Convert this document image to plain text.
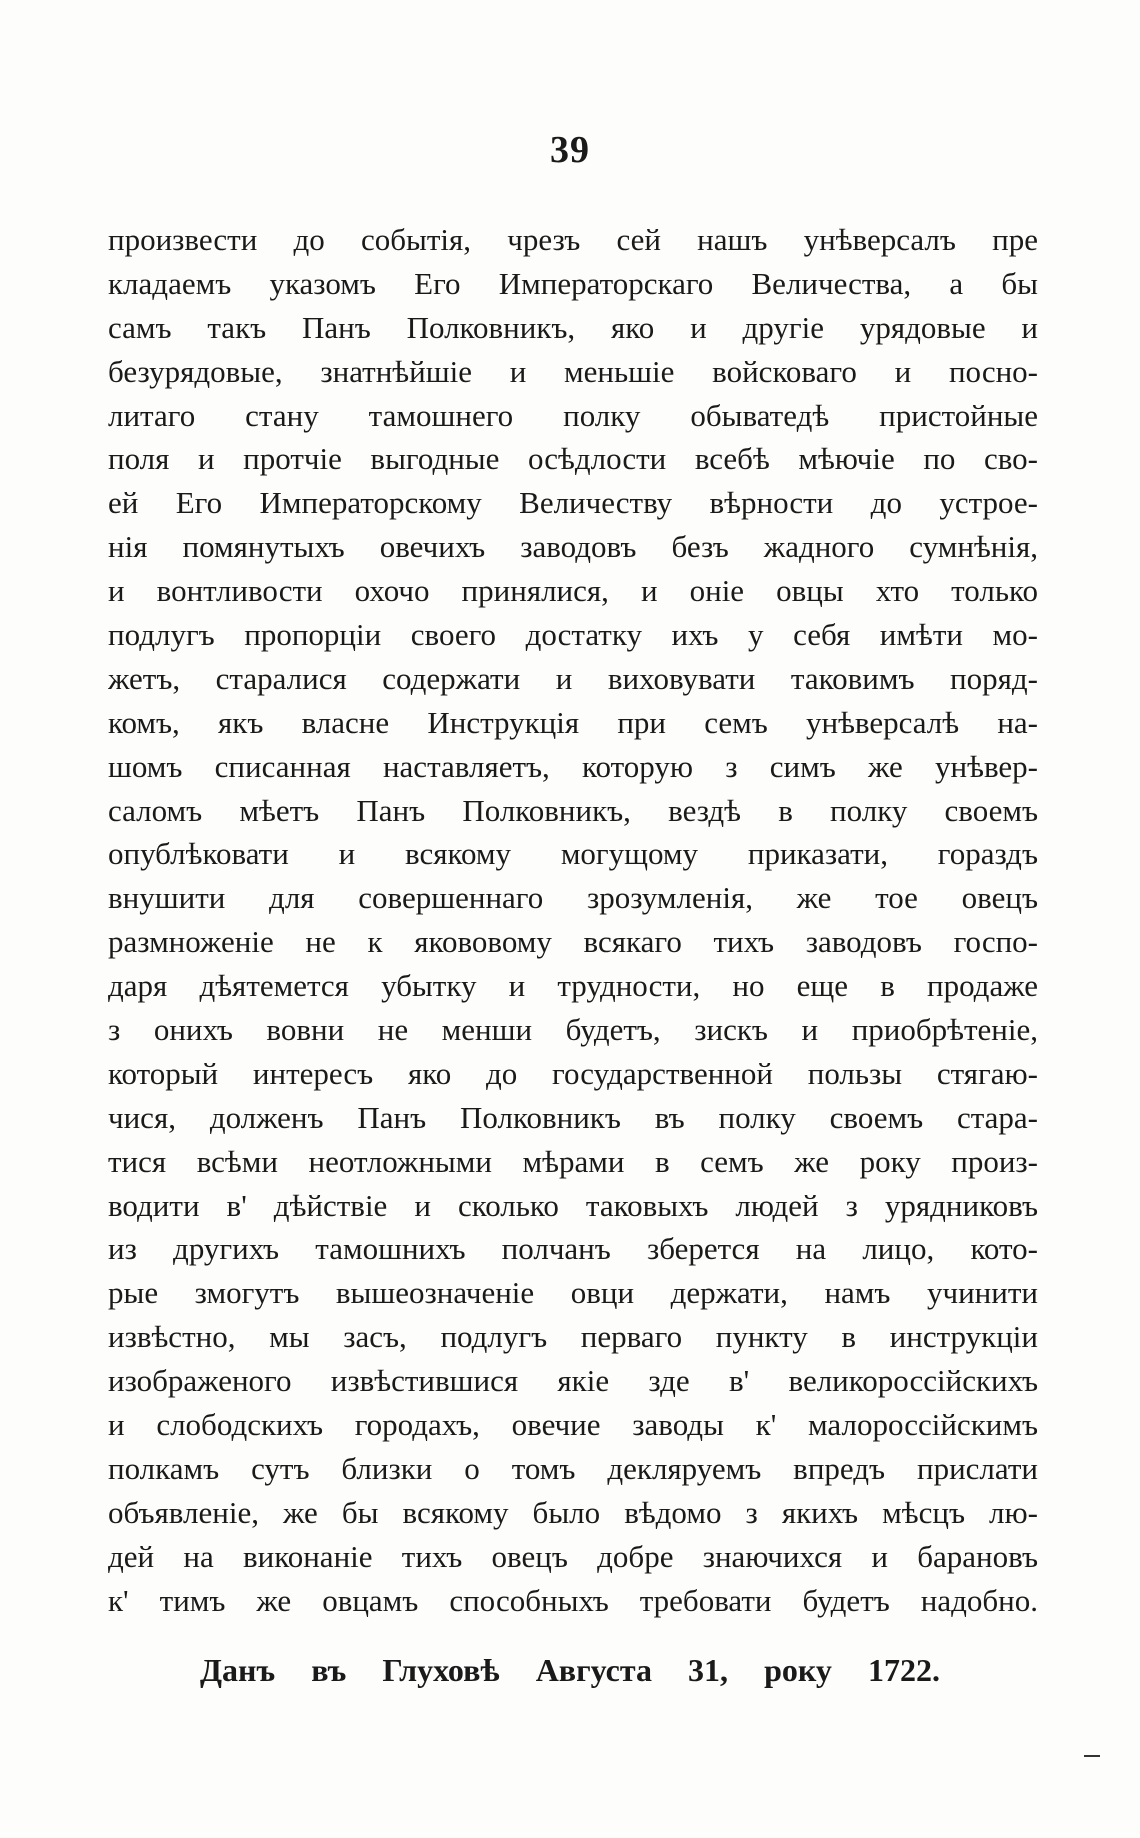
39
произвести до событія, чрезъ сей нашъ унѣверсалъ пре
кладаемъ указомъ Его Императорскаго Величества, а бы
самъ такъ Панъ Полковникъ, яко и другіе урядовые и
безурядовые, знатнѣйшіе и меньшіе войсковаго и посно-
литаго стану тамошнего полку обыватедѣ пристойные
поля и протчіе выгодные осѣдлости всебѣ мѣючіе по сво-
ей Его Императорскому Величеству вѣрности до устрое-
нія помянутыхъ овечихъ заводовъ безъ жадного сумнѣнія,
и вонтливости охочо принялися, и оніе овцы хто только
подлугъ пропорціи своего достатку ихъ у себя имѣти мо-
жетъ, старалися содержати и виховувати таковимъ поряд-
комъ, якъ власне Инструкція при семъ унѣверсалѣ на-
шомъ списанная наставляетъ, которую з симъ же унѣвер-
саломъ мѣетъ Панъ Полковникъ, вездѣ в полку своемъ
опублѣковати и всякому могущому приказати, гораздъ
внушити для совершеннаго зрозумленія, же тое овецъ
размноженіе не к якововому всякаго тихъ заводовъ госпо-
даря дѣятемется убытку и трудности, но еще в продаже
з онихъ вовни не менши будетъ, зискъ и приобрѣтеніе,
который интересъ яко до государственной пользы стягаю-
чися, долженъ Панъ Полковникъ въ полку своемъ стара-
тися всѣми неотложными мѣрами в семъ же року произ-
водити в' дѣйствіе и сколько таковыхъ людей з урядниковъ
из другихъ тамошнихъ полчанъ зберется на лицо, кото-
рые змогутъ вышеозначеніе овци держати, намъ учинити
извѣстно, мы засъ, подлугъ перваго пункту в инструкціи
изображеного извѣстившися якіе зде в' великороссійскихъ
и слободскихъ городахъ, овечие заводы к' малороссійскимъ
полкамъ сутъ близки о томъ декляруемъ впредъ прислати
объявленіе, же бы всякому было вѣдомо з якихъ мѣсцъ лю-
дей на виконаніе тихъ овецъ добре знаючихся и барановъ
к' тимъ же овцамъ способныхъ требовати будетъ надобно.
Данъ въ Глуховѣ Августа 31, року 1722.
